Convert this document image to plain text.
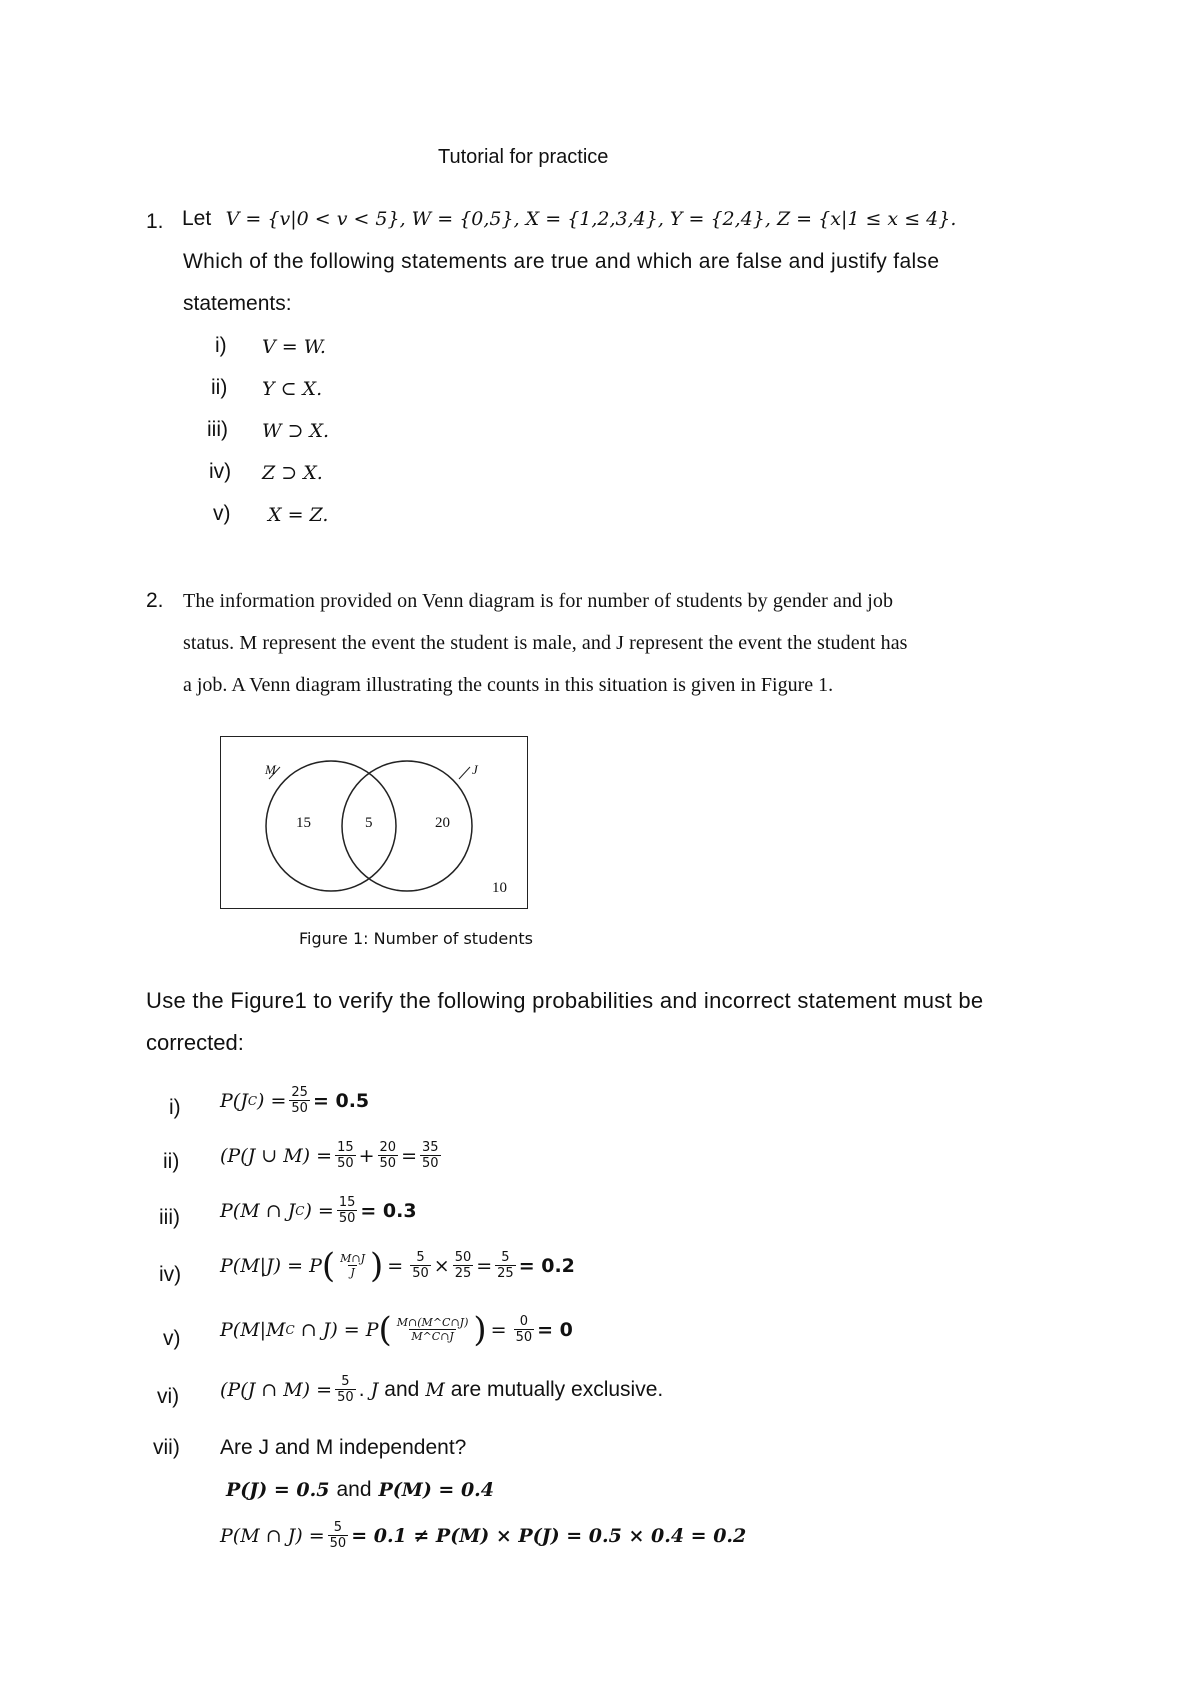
Tutorial for practice
1. Let V = {v|0 < v < 5}, W = {0,5}, X = {1,2,3,4}, Y = {2,4}, Z = {x|1 ≤ x ≤ 4}.
Which of the following statements are true and which are false and justify false
statements:
i) V = W.
ii) Y ⊂ X.
iii) W ⊃ X.
iv) Z ⊃ X.
v) X = Z.
2. The information provided on Venn diagram is for number of students by gender and job
status. M represent the event the student is male, and J represent the event the student has
a job. A Venn diagram illustrating the counts in this situation is given in Figure 1.
M	J
15	5	20
10
Figure 1: Number of students
Use the Figure1 to verify the following probabilities and incorrect statement must be
corrected:
i) P(J C ) = $\frac{25}{50} = 0.5$
ii) (P(J ∪ $M) = \frac{15}{50} + \frac{20}{50} = \frac{35}{50}$
iii) P(M ∩ J C ) = $\frac{15}{50} = 0.3$
iv) P(M|J) = P ( $\frac{M\cap J}{J}$ ) = $\frac{5}{50} \times \frac{50}{25} = \frac{5}{25} = 0.2$
v) P(M|M C ∩ J) = P ( $\frac{M\cap(M\^{}C\cap J)}{M\^{}C\cap J}$ ) = $\frac{0}{50} = 0$
vi) (P(J ∩ $M) = \frac{5}{50}$ . J and M are mutually exclusive.
vii) Are J and M independent?
P(J) = 0.5 and P(M) = 0.4
P(M ∩ $J) = \frac{5}{50} = 0.1 \ne P(M) \times P(J) = 0.5 \times 0.4 = 0.2$
